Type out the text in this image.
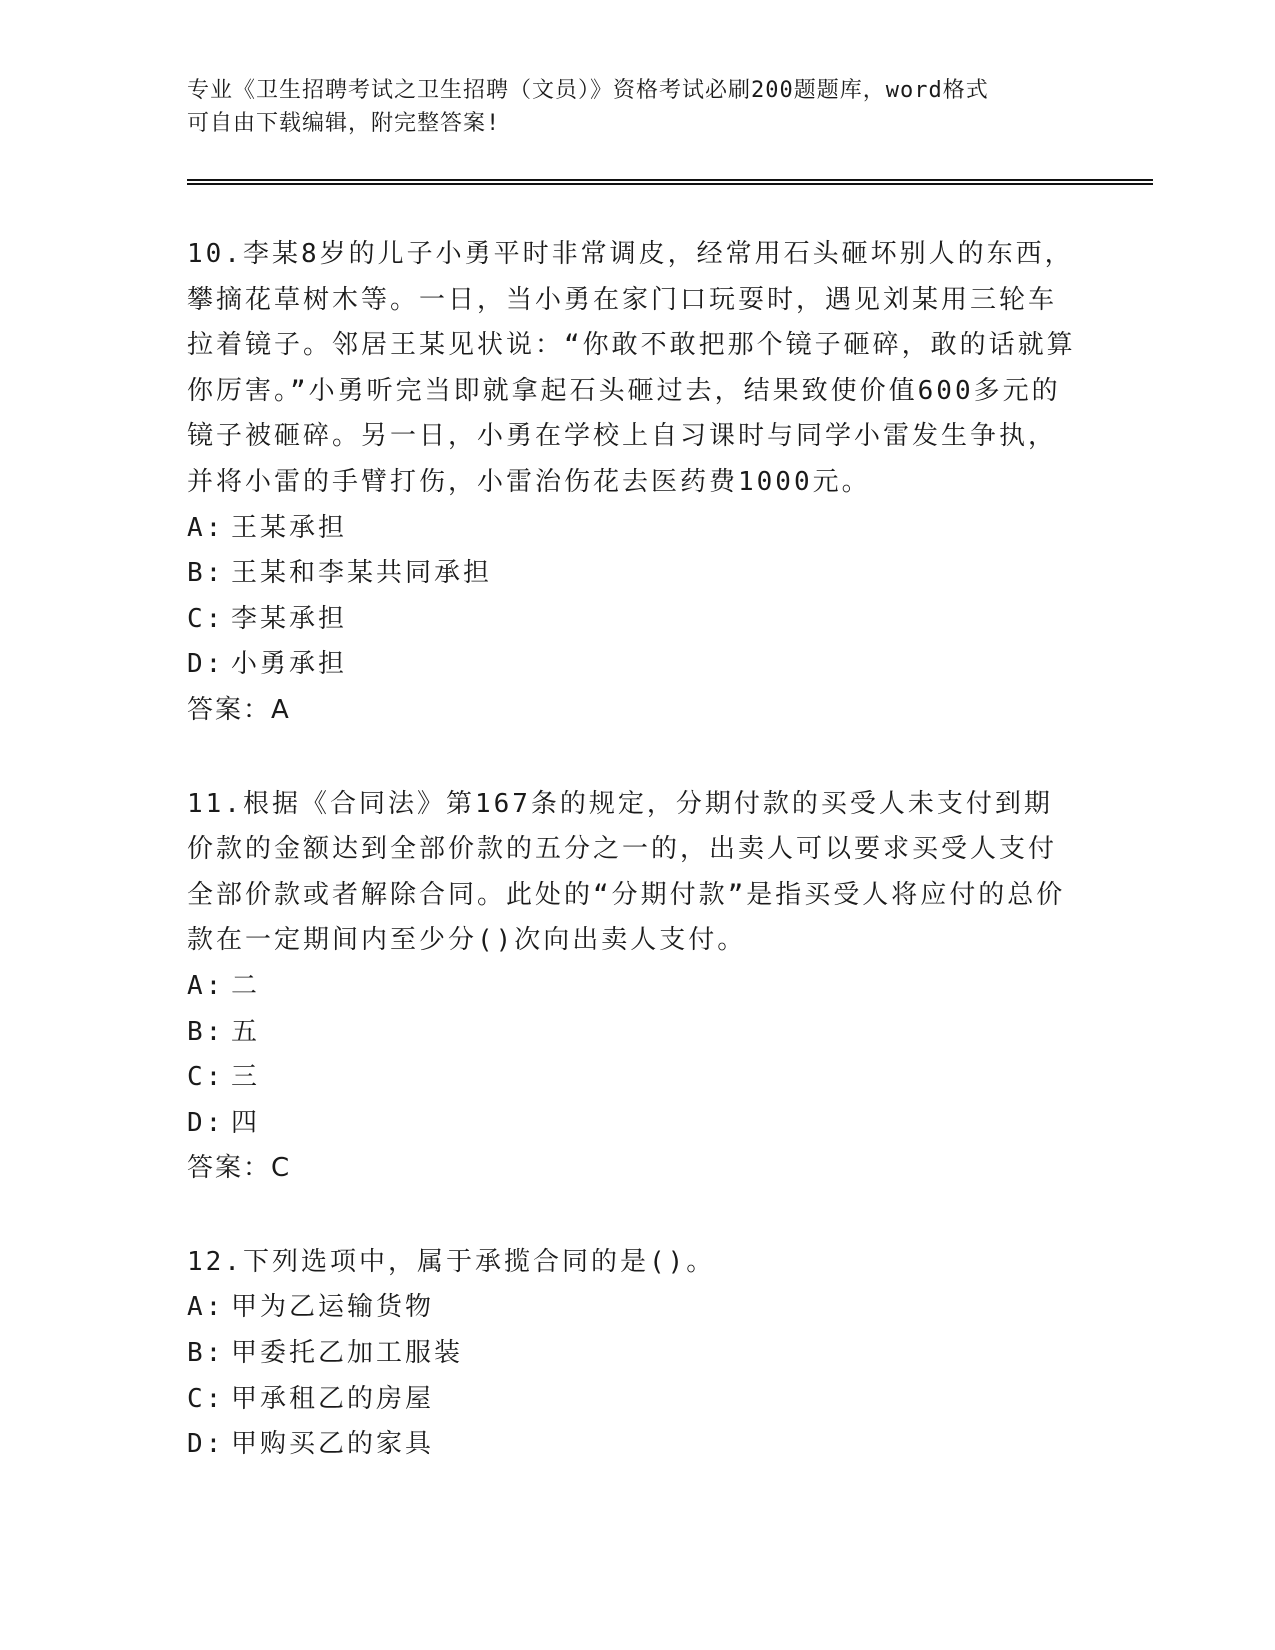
专业《卫生招聘考试之卫生招聘（文员）》资格考试必刷200题题库，word格式
可自由下载编辑，附完整答案!

10.李某8岁的儿子小勇平时非常调皮，经常用石头砸坏别人的东西，攀摘花草树木等。一日，当小勇在家门口玩耍时，遇见刘某用三轮车拉着镜子。邻居王某见状说：“你敢不敢把那个镜子砸碎，敢的话就算你厉害。”小勇听完当即就拿起石头砸过去，结果致使价值600多元的镜子被砸碎。另一日，小勇在学校上自习课时与同学小雷发生争执，并将小雷的手臂打伤，小雷治伤花去医药费1000元。

A: 王某承担

B: 王某和李某共同承担

C: 李某承担

D: 小勇承担

答案：A

11.根据《合同法》第167条的规定，分期付款的买受人未支付到期价款的金额达到全部价款的五分之一的，出卖人可以要求买受人支付全部价款或者解除合同。此处的“分期付款”是指买受人将应付的总价款在一定期间内至少分()次向出卖人支付。

A: 二

B: 五

C: 三

D: 四

答案：C

12.下列选项中，属于承揽合同的是()。

A: 甲为乙运输货物

B: 甲委托乙加工服装

C: 甲承租乙的房屋

D: 甲购买乙的家具
